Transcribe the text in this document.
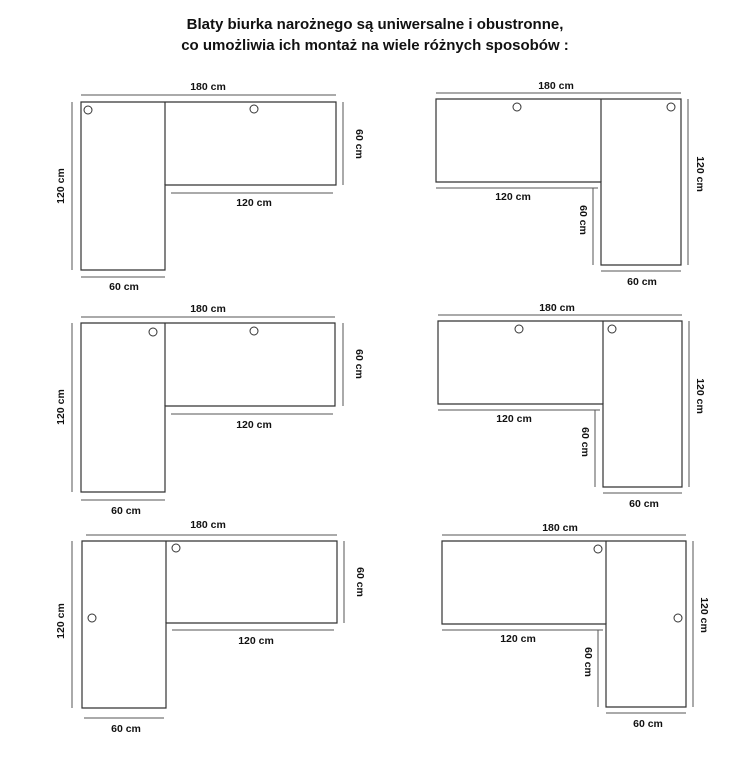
Blaty biurka narożnego są uniwersalne i obustronne,
co umożliwia ich montaż na wiele różnych sposobów :
180 cm
60 cm
120 cm
120 cm
60 cm
180 cm
120 cm
120 cm
60 cm
60 cm
180 cm
60 cm
120 cm
120 cm
60 cm
180 cm
120 cm
120 cm
60 cm
60 cm
180 cm
60 cm
120 cm
120 cm
60 cm
180 cm
120 cm
120 cm
60 cm
60 cm
